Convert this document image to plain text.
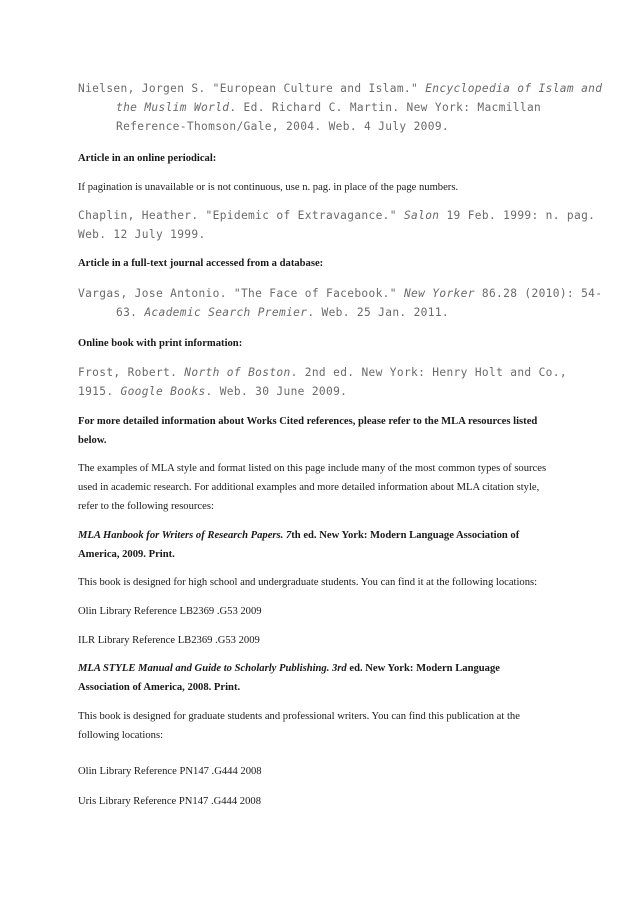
Nielsen, Jorgen S. "European Culture and Islam." Encyclopedia of Islam and
the Muslim World. Ed. Richard C. Martin. New York: Macmillan
Reference-Thomson/Gale, 2004. Web. 4 July 2009.

Article in an online periodical:

If pagination is unavailable or is not continuous, use n. pag. in place of the page numbers.

Chaplin, Heather. "Epidemic of Extravagance." Salon 19 Feb. 1999: n. pag.
Web. 12 July 1999.

Article in a full-text journal accessed from a database:

Vargas, Jose Antonio. "The Face of Facebook." New Yorker 86.28 (2010): 54-
63. Academic Search Premier. Web. 25 Jan. 2011.

Online book with print information:

Frost, Robert. North of Boston. 2nd ed. New York: Henry Holt and Co.,
1915. Google Books. Web. 30 June 2009.

For more detailed information about Works Cited references, please refer to the MLA resources listed
below.

The examples of MLA style and format listed on this page include many of the most common types of sources
used in academic research. For additional examples and more detailed information about MLA citation style,
refer to the following resources:

MLA Hanbook for Writers of Research Papers. 7th ed. New York: Modern Language Association of
America, 2009. Print.

This book is designed for high school and undergraduate students. You can find it at the following locations:

Olin Library Reference LB2369 .G53 2009

ILR Library Reference LB2369 .G53 2009

MLA STYLE Manual and Guide to Scholarly Publishing. 3rd ed. New York: Modern Language
Association of America, 2008. Print.

This book is designed for graduate students and professional writers. You can find this publication at the
following locations:

Olin Library Reference PN147 .G444 2008

Uris Library Reference PN147 .G444 2008
